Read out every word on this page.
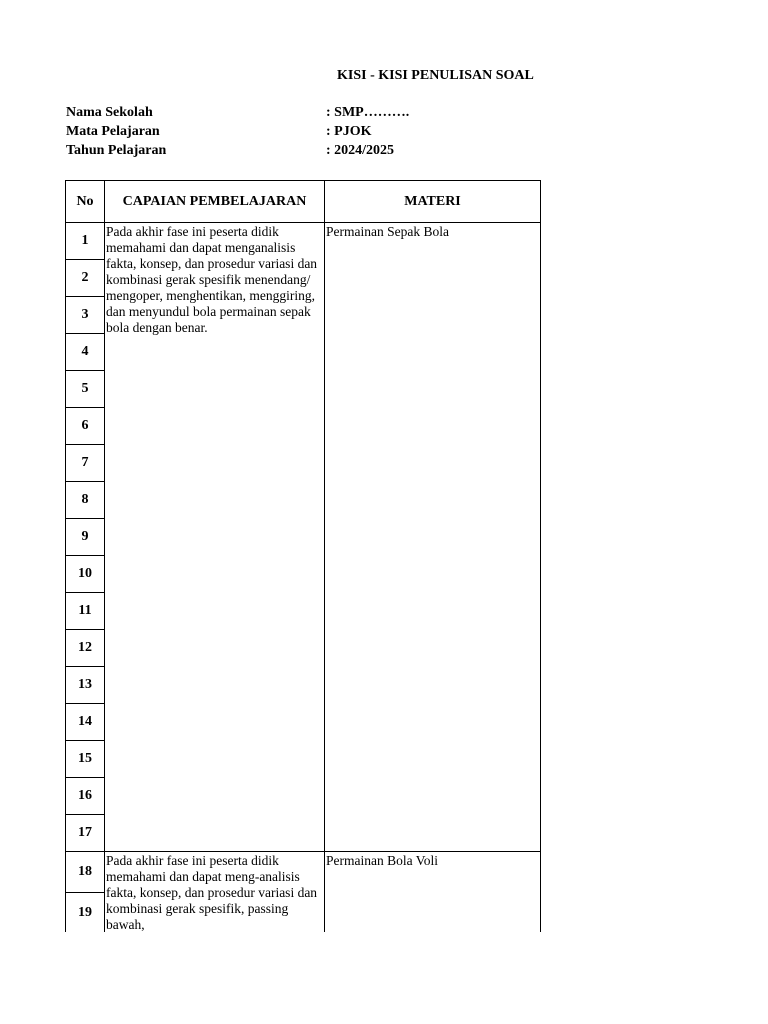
KISI - KISI PENULISAN SOAL
Nama Sekolah	: SMP……….
Mata Pelajaran	: PJOK
Tahun Pelajaran	: 2024/2025
No	CAPAIAN PEMBELAJARAN	MATERI
1	Pada akhir fase ini peserta didik memahami dan dapat menganalisis fakta, konsep, dan prosedur variasi dan kombinasi gerak spesifik menendang/ mengoper, menghentikan, menggiring, dan menyundul bola permainan sepak bola dengan benar.	Permainan Sepak Bola
2		
3		
4		
5		
6		
7		
8		
9		
10		
11		
12		
13		
14		
15		
16		
17		
18	Pada akhir fase ini peserta didik memahami dan dapat meng-analisis fakta, konsep, dan prosedur variasi dan kombinasi gerak spesifik, passing bawah,	Permainan Bola Voli
19		
